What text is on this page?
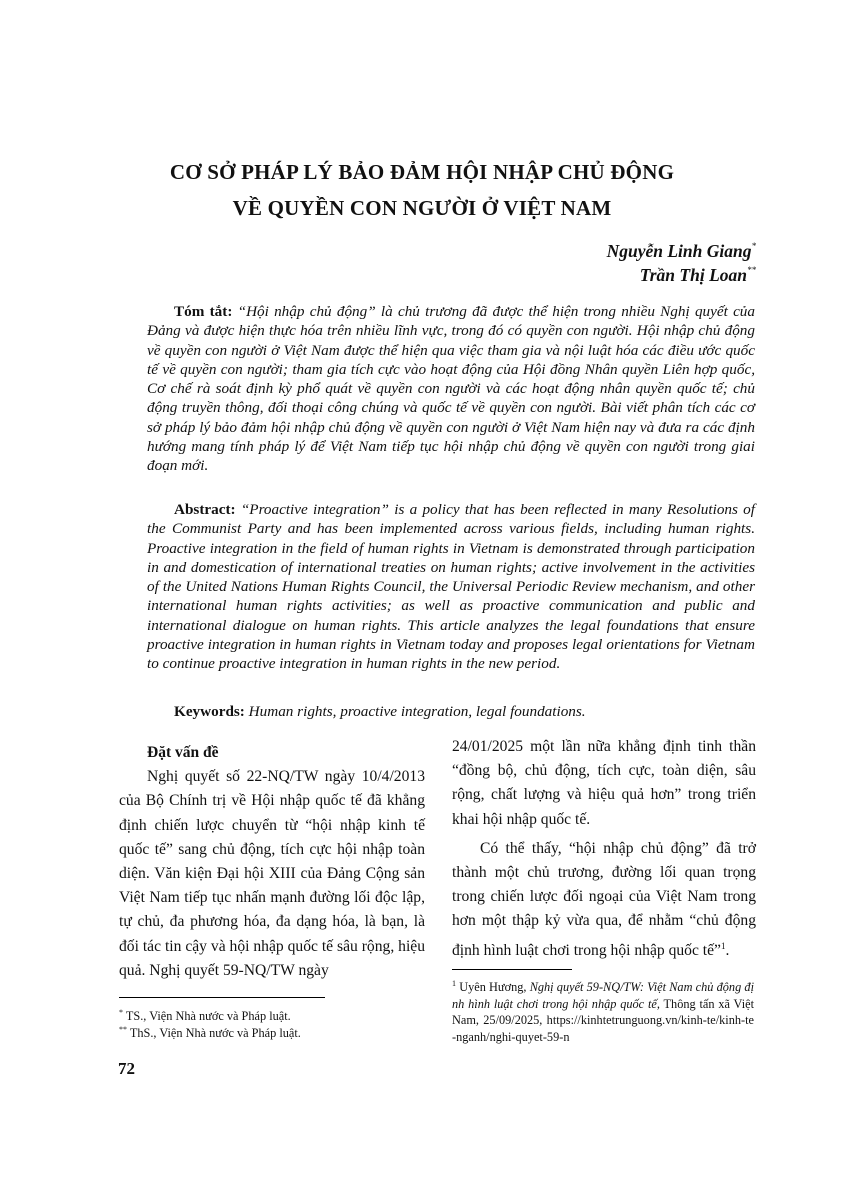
CƠ SỞ PHÁP LÝ BẢO ĐẢM HỘI NHẬP CHỦ ĐỘNG
VỀ QUYỀN CON NGƯỜI Ở VIỆT NAM
Nguyễn Linh Giang*
Trần Thị Loan**

Tóm tắt: “Hội nhập chủ động” là chủ trương đã được thể hiện trong nhiều Nghị quyết của Đảng và được hiện thực hóa trên nhiều lĩnh vực, trong đó có quyền con người. Hội nhập chủ động về quyền con người ở Việt Nam được thể hiện qua việc tham gia và nội luật hóa các điều ước quốc tế về quyền con người; tham gia tích cực vào hoạt động của Hội đồng Nhân quyền Liên hợp quốc, Cơ chế rà soát định kỳ phổ quát về quyền con người và các hoạt động nhân quyền quốc tế; chủ động truyền thông, đối thoại công chúng và quốc tế về quyền con người. Bài viết phân tích các cơ sở pháp lý bảo đảm hội nhập chủ động về quyền con người ở Việt Nam hiện nay và đưa ra các định hướng mang tính pháp lý để Việt Nam tiếp tục hội nhập chủ động về quyền con người trong giai đoạn mới.

Abstract: “Proactive integration” is a policy that has been reflected in many Resolutions of the Communist Party and has been implemented across various fields, including human rights. Proactive integration in the field of human rights in Vietnam is demonstrated through participation in and domestication of international treaties on human rights; active involvement in the activities of the United Nations Human Rights Council, the Universal Periodic Review mechanism, and other international human rights activities; as well as proactive communication and public and international dialogue on human rights. This article analyzes the legal foundations that ensure proactive integration in human rights in Vietnam today and proposes legal orientations for Vietnam to continue proactive integration in human rights in the new period.

Keywords: Human rights, proactive integration, legal foundations.

Đặt vấn đề

Nghị quyết số 22-NQ/TW ngày 10/4/2013 của Bộ Chính trị về Hội nhập quốc tế đã khẳng định chiến lược chuyển từ “hội nhập kinh tế quốc tế” sang chủ động, tích cực hội nhập toàn diện. Văn kiện Đại hội XIII của Đảng Cộng sản Việt Nam tiếp tục nhấn mạnh đường lối độc lập, tự chủ, đa phương hóa, đa dạng hóa, là bạn, là đối tác tin cậy và hội nhập quốc tế sâu rộng, hiệu quả. Nghị quyết 59-NQ/TW ngày

24/01/2025 một lần nữa khẳng định tinh thần “đồng bộ, chủ động, tích cực, toàn diện, sâu rộng, chất lượng và hiệu quả hơn” trong triển khai hội nhập quốc tế.

Có thể thấy, “hội nhập chủ động” đã trở thành một chủ trương, đường lối quan trọng trong chiến lược đối ngoại của Việt Nam trong hơn một thập kỷ vừa qua, để nhằm “chủ động định hình luật chơi trong hội nhập quốc tế”$^1$.

* TS., Viện Nhà nước và Pháp luật.
** ThS., Viện Nhà nước và Pháp luật.
$^1$ Uyên Hương, Nghị quyết 59-NQ/TW: Việt Nam chủ động định hình luật chơi trong hội nhập quốc tế, Thông tấn xã Việt Nam, 25/09/2025, https://kinhtetrunguong.vn/kinh-te/kinh-te-nganh/nghi-quyet-59-n
72
